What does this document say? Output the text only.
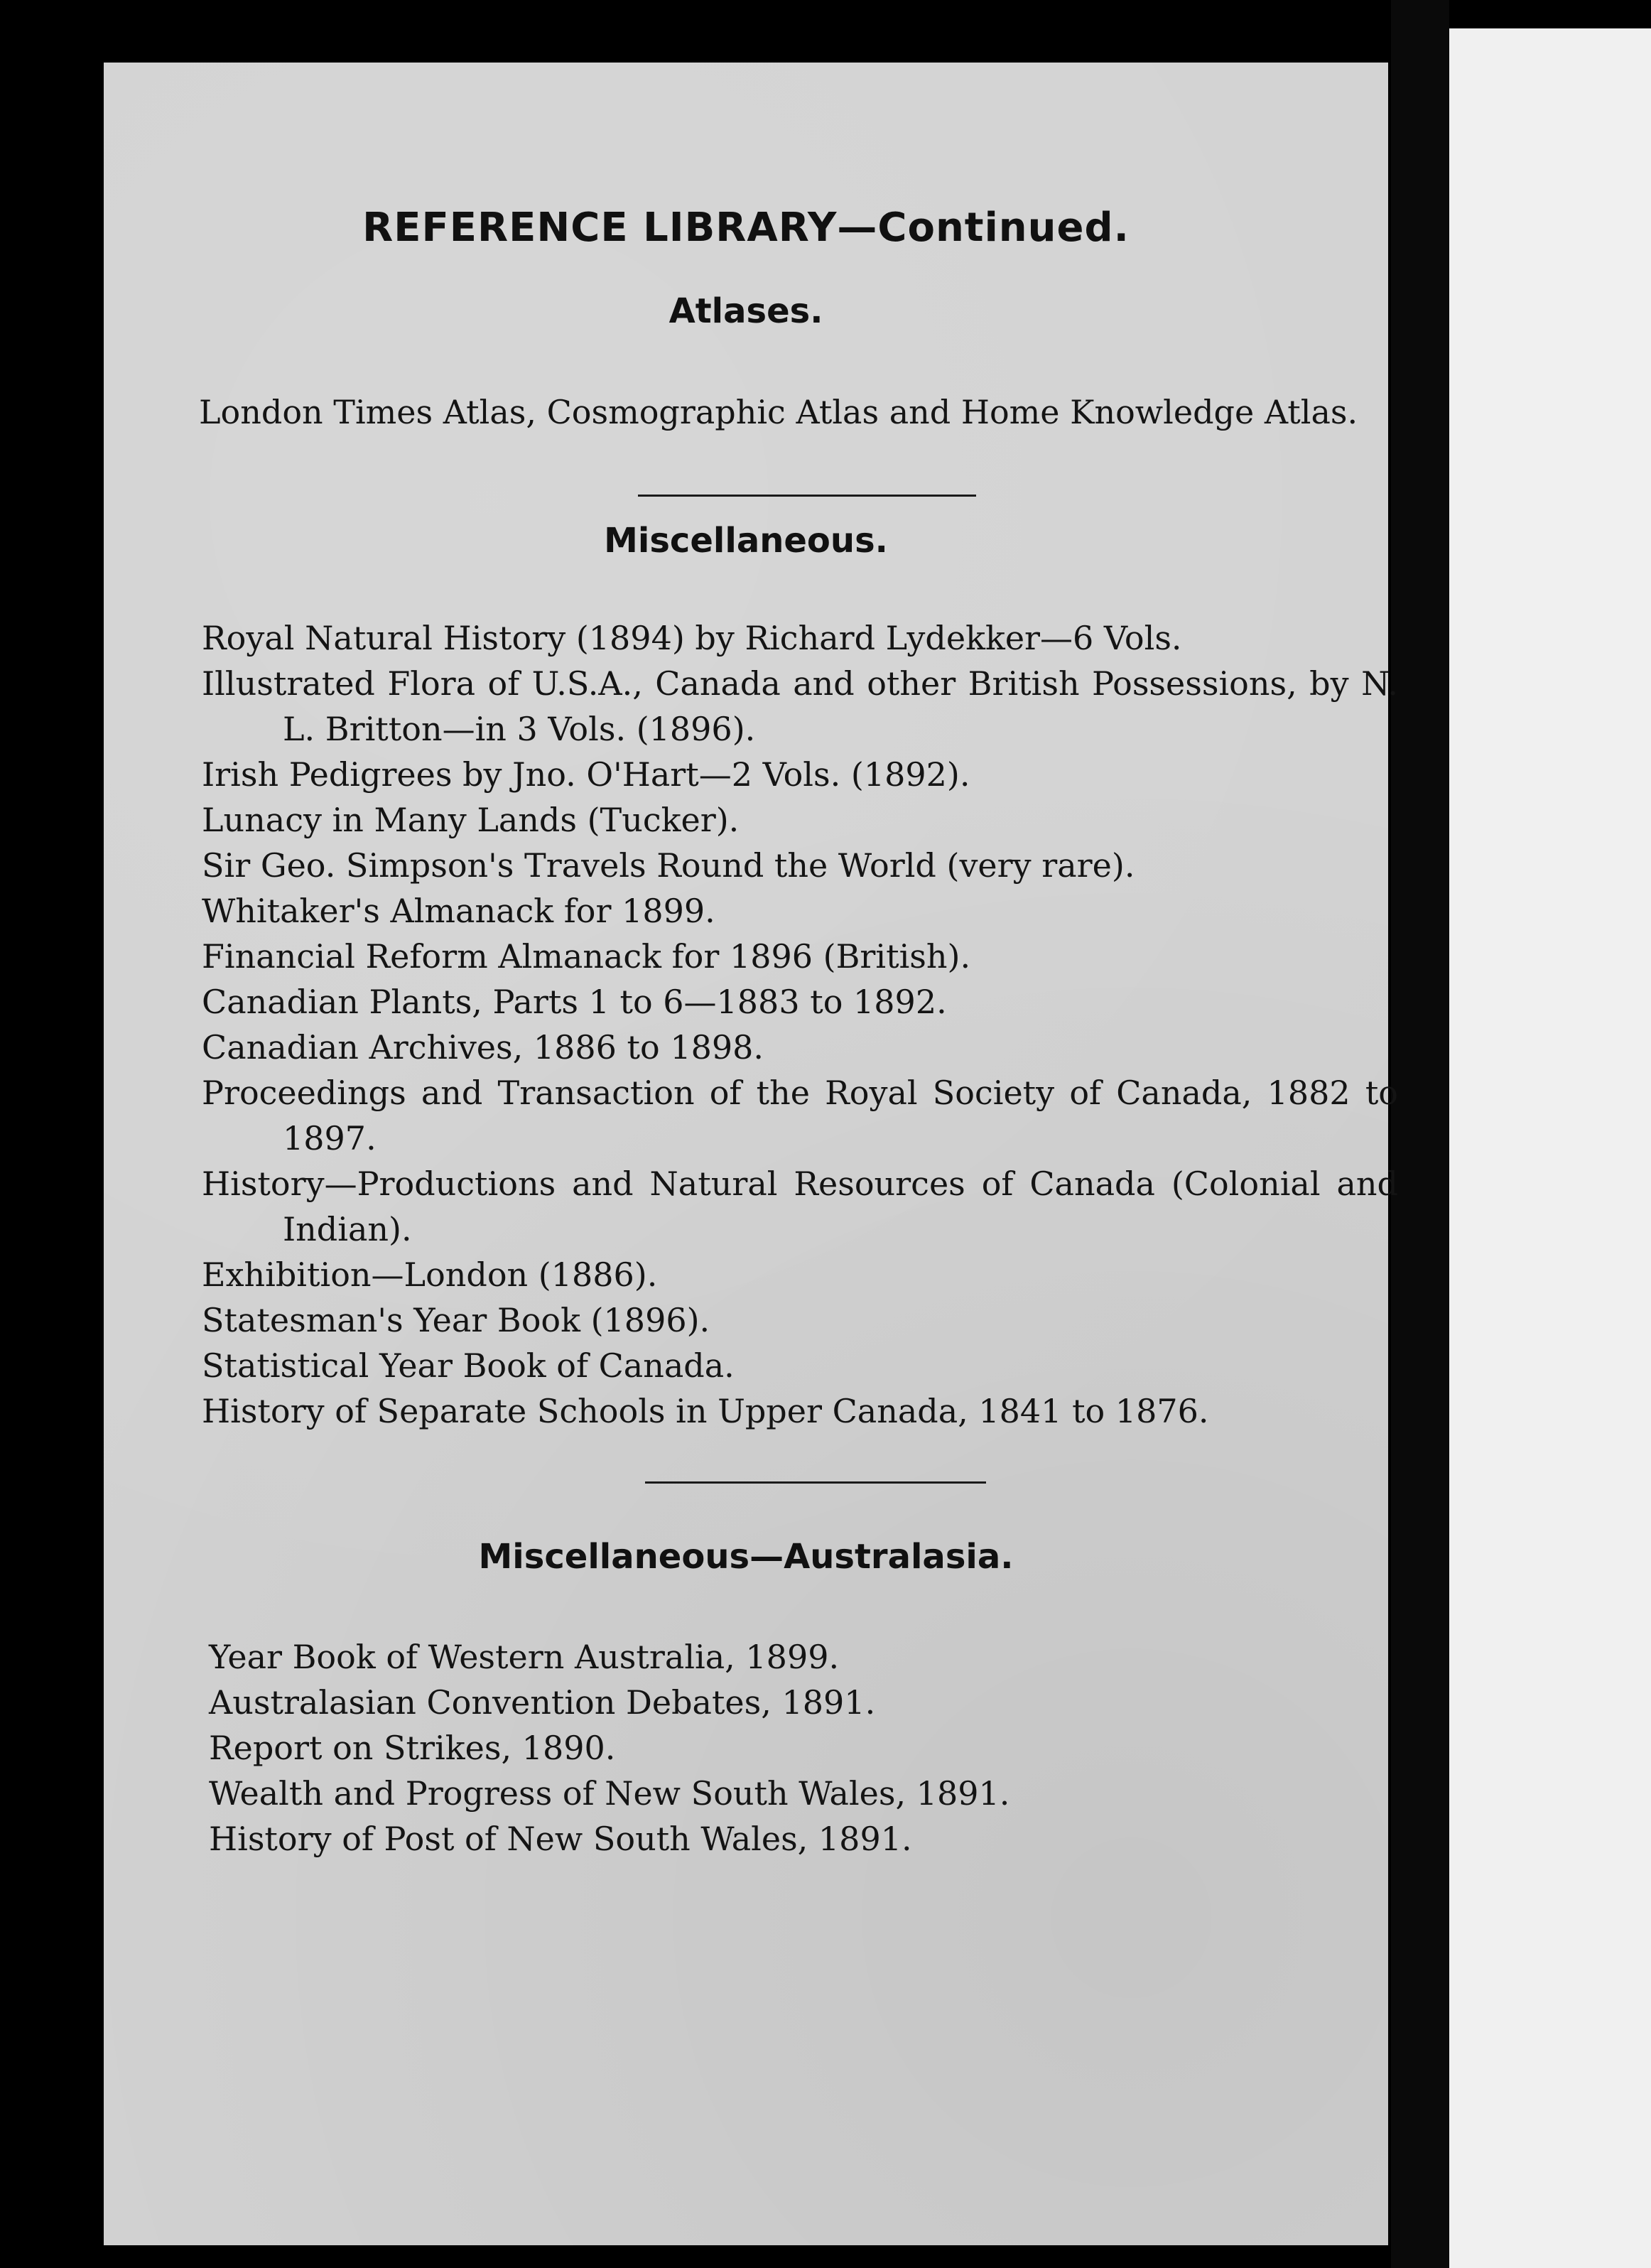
REFERENCE LIBRARY—Continued.
Atlases.
London Times Atlas, Cosmographic Atlas and Home Knowledge Atlas.
Miscellaneous.
Royal Natural History (1894) by Richard Lydekker—6 Vols.
Illustrated Flora of U.S.A., Canada and other British Possessions, by N. L. Britton—in 3 Vols. (1896).
Irish Pedigrees by Jno. O'Hart—2 Vols. (1892).
Lunacy in Many Lands (Tucker).
Sir Geo. Simpson's Travels Round the World (very rare).
Whitaker's Almanack for 1899.
Financial Reform Almanack for 1896 (British).
Canadian Plants, Parts 1 to 6—1883 to 1892.
Canadian Archives, 1886 to 1898.
Proceedings and Transaction of the Royal Society of Canada, 1882 to 1897.
History—Productions and Natural Resources of Canada (Colonial and Indian).
Exhibition—London (1886).
Statesman's Year Book (1896).
Statistical Year Book of Canada.
History of Separate Schools in Upper Canada, 1841 to 1876.
Miscellaneous—Australasia.
Year Book of Western Australia, 1899.
Australasian Convention Debates, 1891.
Report on Strikes, 1890.
Wealth and Progress of New South Wales, 1891.
History of Post of New South Wales, 1891.
